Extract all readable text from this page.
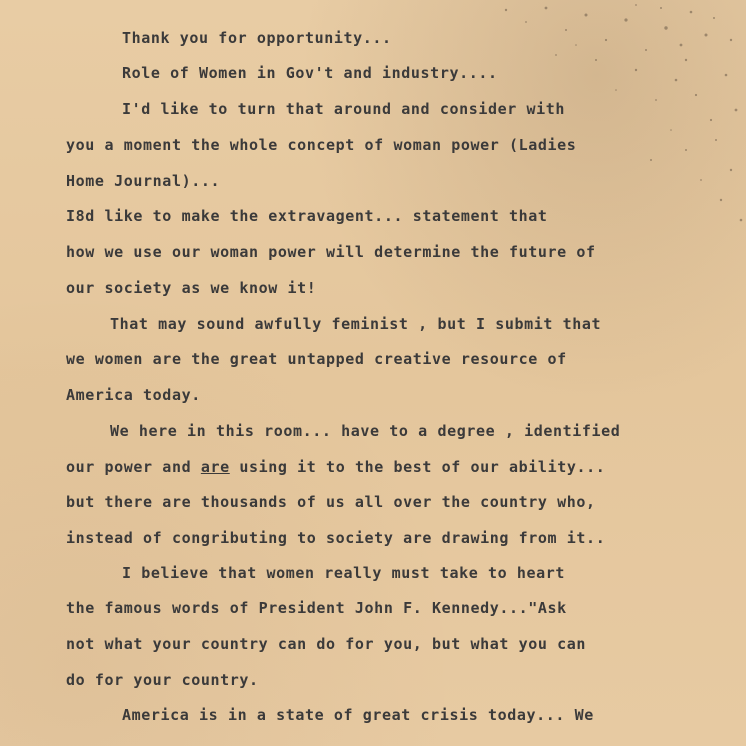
Thank you for opportunity...
Role of Women in Gov't and industry....
I'd like to turn that around and consider with
you a moment the whole concept of woman power (Ladies
Home Journal)...
I8d like to make the extravagent... statement that
how we use our woman power will determine the future of
our society as we know it!
That may sound awfully feminist , but I submit that
we women are the great untapped creative resource of
America today.
We here in this room... have to a degree , identified
our power and are using it to the best of our ability...
but there are thousands of us all over the country who,
instead of congributing to society are drawing from it..
I believe that women really must take to heart
the famous words of President John F. Kennedy..."Ask
not what your country can do for you, but what you can
do for your country.
America is in a state of great crisis today... We
